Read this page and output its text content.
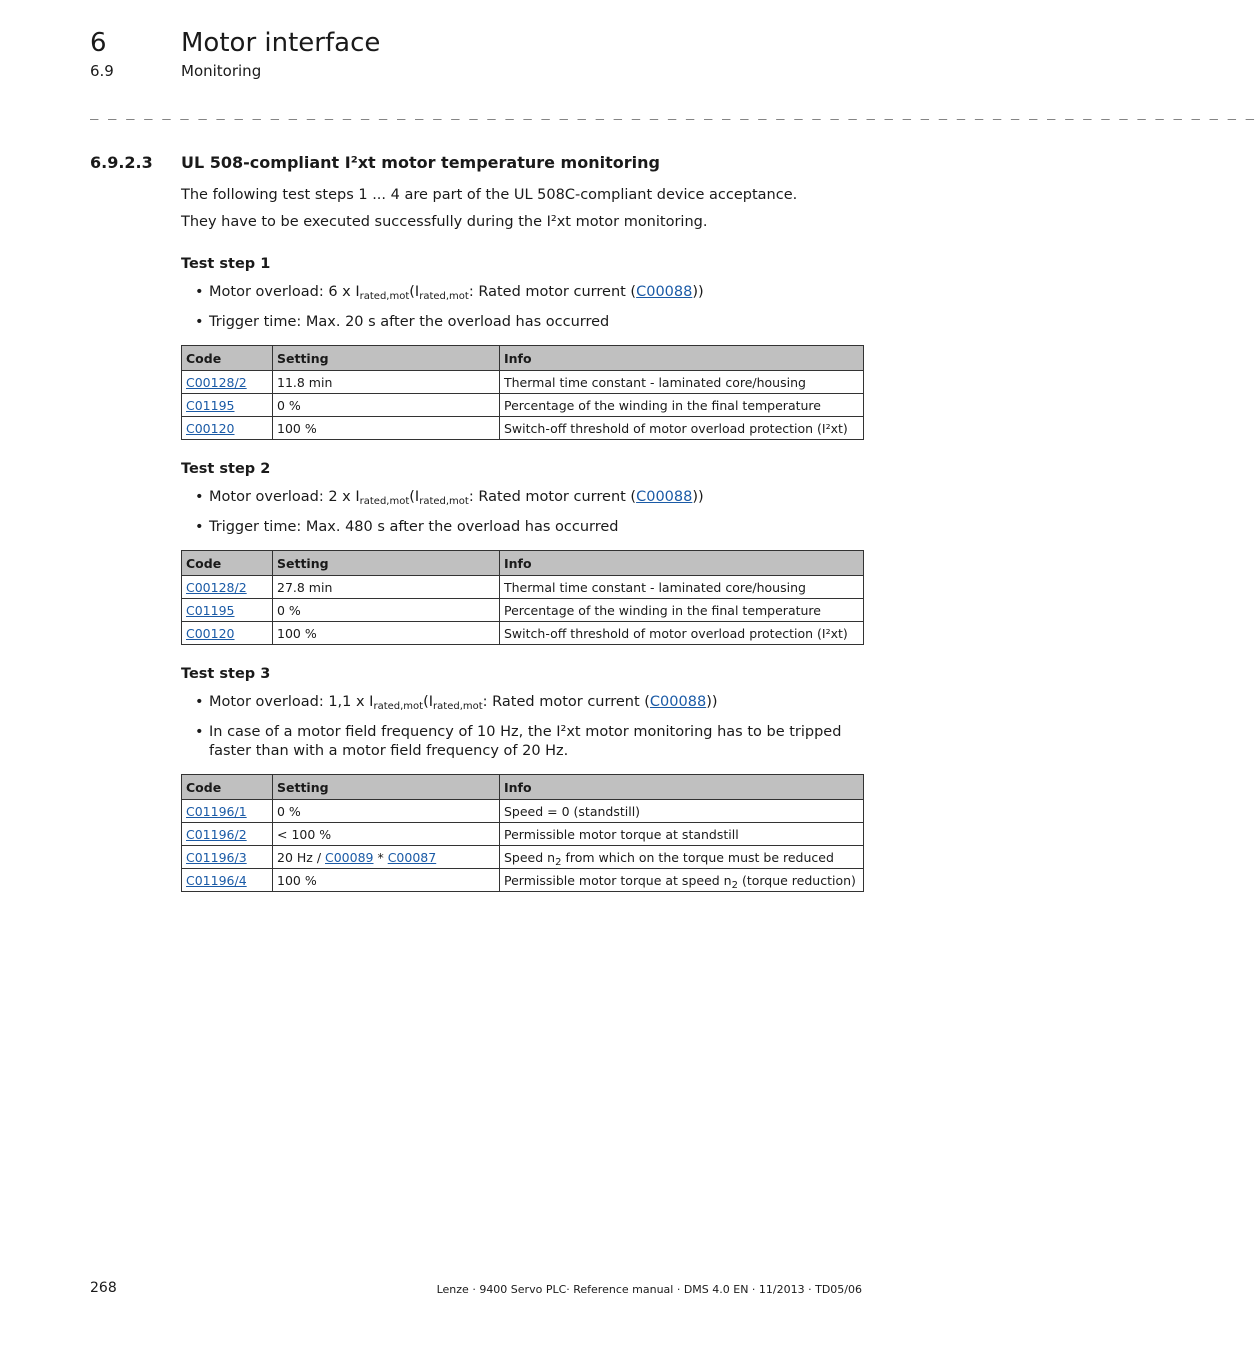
6	Motor interface
6.9	Monitoring
_ _ _ _ _ _ _ _ _ _ _ _ _ _ _ _ _ _ _ _ _ _ _ _ _ _ _ _ _ _ _ _ _ _ _ _ _ _ _ _ _ _ _ _ _ _ _ _ _ _ _ _ _ _ _ _ _ _ _ _ _ _ _ _ _
6.9.2.3 UL 508-compliant I²xt motor temperature monitoring
The following test steps 1 ... 4 are part of the UL 508C-compliant device acceptance.
They have to be executed successfully during the I²xt motor monitoring.
Test step 1
• Motor overload: 6 x $I_{rated,mot}(I_{rated,mot}$: Rated motor current (C00088))
• Trigger time: Max. 20 s after the overload has occurred
Code	Setting	Info
C00128/2	11.8 min	Thermal time constant - laminated core/housing
C01195	0 %	Percentage of the winding in the final temperature
C00120	100 %	Switch-off threshold of motor overload protection (I²xt)
Test step 2
• Motor overload: 2 x $I_{rated,mot}(I_{rated,mot}$: Rated motor current (C00088))
• Trigger time: Max. 480 s after the overload has occurred
Code	Setting	Info
C00128/2	27.8 min	Thermal time constant - laminated core/housing
C01195	0 %	Percentage of the winding in the final temperature
C00120	100 %	Switch-off threshold of motor overload protection (I²xt)
Test step 3
• Motor overload: 1,1 x $I_{rated,mot}(I_{rated,mot}$: Rated motor current (C00088))
• In case of a motor field frequency of 10 Hz, the I²xt motor monitoring has to be tripped faster than with a motor field frequency of 20 Hz.
Code	Setting	Info
C01196/1	0 %	Speed = 0 (standstill)
C01196/2	< 100 %	Permissible motor torque at standstill
C01196/3	20 Hz / C00089 * C00087	Speed $n_2$ from which on the torque must be reduced
C01196/4	100 %	Permissible motor torque at speed $n_2$ (torque reduction)
268	Lenze · 9400 Servo PLC· Reference manual · DMS 4.0 EN · 11/2013 · TD05/06
